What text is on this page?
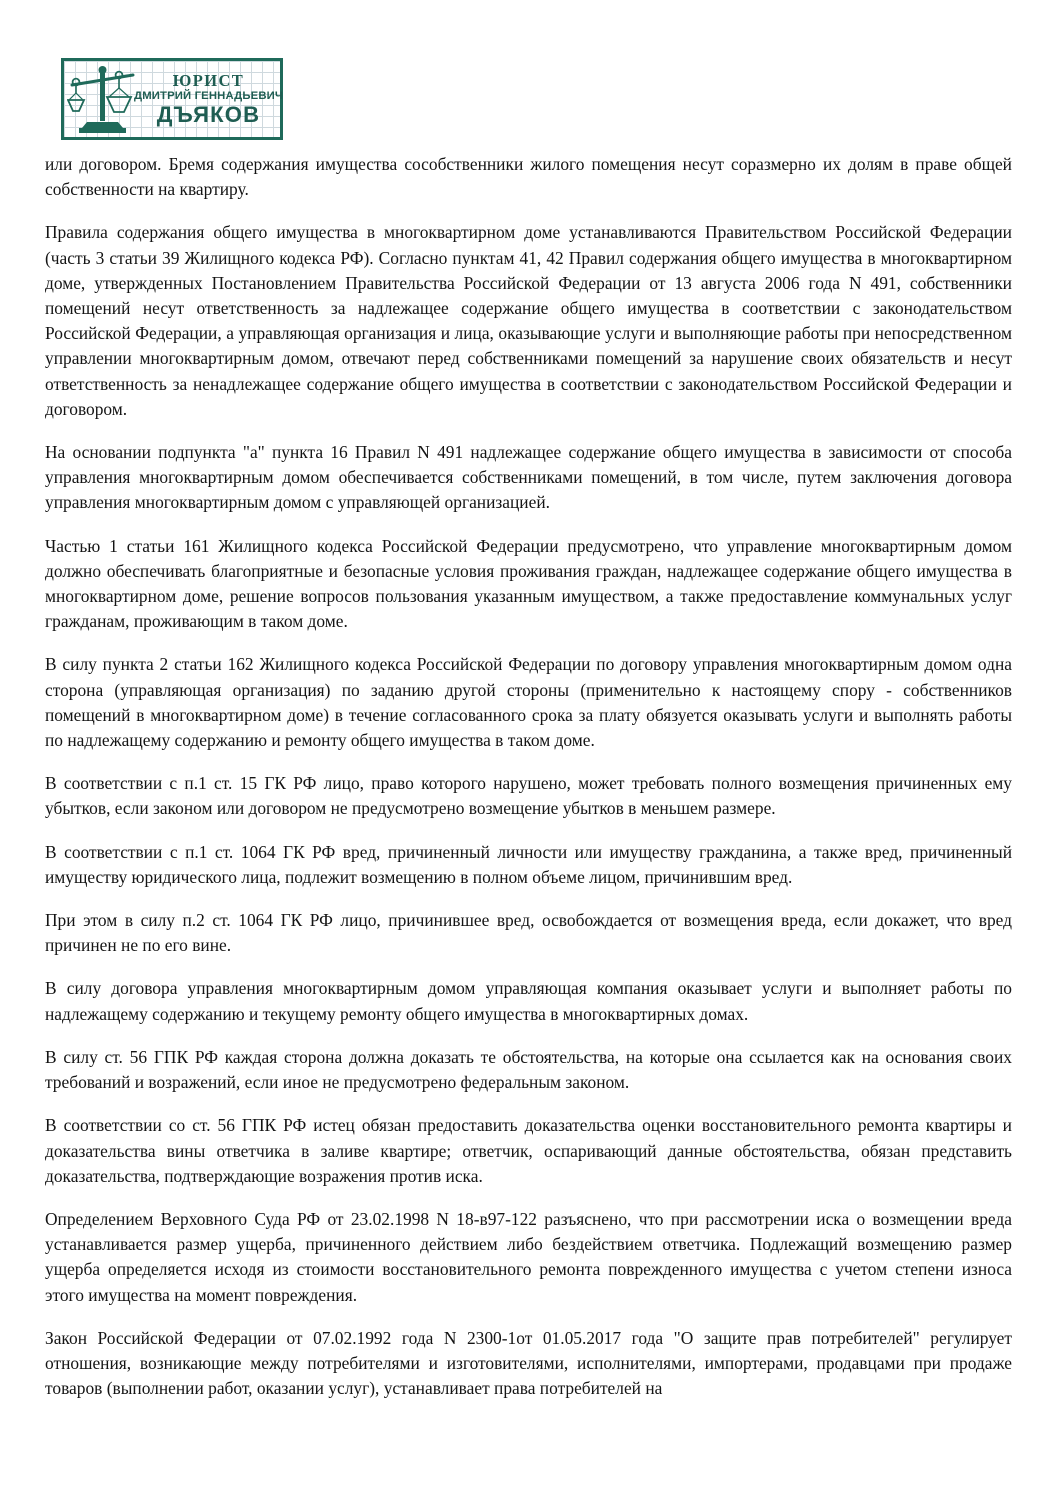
ЮРИСТ
ДМИТРИЙ ГЕННАДЬЕВИЧ
ДЪЯКОВ

или договором. Бремя содержания имущества сособственники жилого помещения несут соразмерно их долям в праве общей собственности на квартиру.

Правила содержания общего имущества в многоквартирном доме устанавливаются Правительством Российской Федерации (часть 3 статьи 39 Жилищного кодекса РФ). Согласно пунктам 41, 42 Правил содержания общего имущества в многоквартирном доме, утвержденных Постановлением Правительства Российской Федерации от 13 августа 2006 года N 491, собственники помещений несут ответственность за надлежащее содержание общего имущества в соответствии с законодательством Российской Федерации, а управляющая организация и лица, оказывающие услуги и выполняющие работы при непосредственном управлении многоквартирным домом, отвечают перед собственниками помещений за нарушение своих обязательств и несут ответственность за ненадлежащее содержание общего имущества в соответствии с законодательством Российской Федерации и договором.

На основании подпункта "а" пункта 16 Правил N 491 надлежащее содержание общего имущества в зависимости от способа управления многоквартирным домом обеспечивается собственниками помещений, в том числе, путем заключения договора управления многоквартирным домом с управляющей организацией.

Частью 1 статьи 161 Жилищного кодекса Российской Федерации предусмотрено, что управление многоквартирным домом должно обеспечивать благоприятные и безопасные условия проживания граждан, надлежащее содержание общего имущества в многоквартирном доме, решение вопросов пользования указанным имуществом, а также предоставление коммунальных услуг гражданам, проживающим в таком доме.

В силу пункта 2 статьи 162 Жилищного кодекса Российской Федерации по договору управления многоквартирным домом одна сторона (управляющая организация) по заданию другой стороны (применительно к настоящему спору - собственников помещений в многоквартирном доме) в течение согласованного срока за плату обязуется оказывать услуги и выполнять работы по надлежащему содержанию и ремонту общего имущества в таком доме.

В соответствии с п.1 ст. 15 ГК РФ лицо, право которого нарушено, может требовать полного возмещения причиненных ему убытков, если законом или договором не предусмотрено возмещение убытков в меньшем размере.

В соответствии с п.1 ст. 1064 ГК РФ вред, причиненный личности или имуществу гражданина, а также вред, причиненный имуществу юридического лица, подлежит возмещению в полном объеме лицом, причинившим вред.

При этом в силу п.2 ст. 1064 ГК РФ лицо, причинившее вред, освобождается от возмещения вреда, если докажет, что вред причинен не по его вине.

В силу договора управления многоквартирным домом управляющая компания оказывает услуги и выполняет работы по надлежащему содержанию и текущему ремонту общего имущества в многоквартирных домах.

В силу ст. 56 ГПК РФ каждая сторона должна доказать те обстоятельства, на которые она ссылается как на основания своих требований и возражений, если иное не предусмотрено федеральным законом.

В соответствии со ст. 56 ГПК РФ истец обязан предоставить доказательства оценки восстановительного ремонта квартиры и доказательства вины ответчика в заливе квартире; ответчик, оспаривающий данные обстоятельства, обязан представить доказательства, подтверждающие возражения против иска.

Определением Верховного Суда РФ от 23.02.1998 N 18-в97-122 разъяснено, что при рассмотрении иска о возмещении вреда устанавливается размер ущерба, причиненного действием либо бездействием ответчика. Подлежащий возмещению размер ущерба определяется исходя из стоимости восстановительного ремонта поврежденного имущества с учетом степени износа этого имущества на момент повреждения.

Закон Российской Федерации от 07.02.1992 года N 2300-1от 01.05.2017 года "О защите прав потребителей" регулирует отношения, возникающие между потребителями и изготовителями, исполнителями, импортерами, продавцами при продаже товаров (выполнении работ, оказании услуг), устанавливает права потребителей на
